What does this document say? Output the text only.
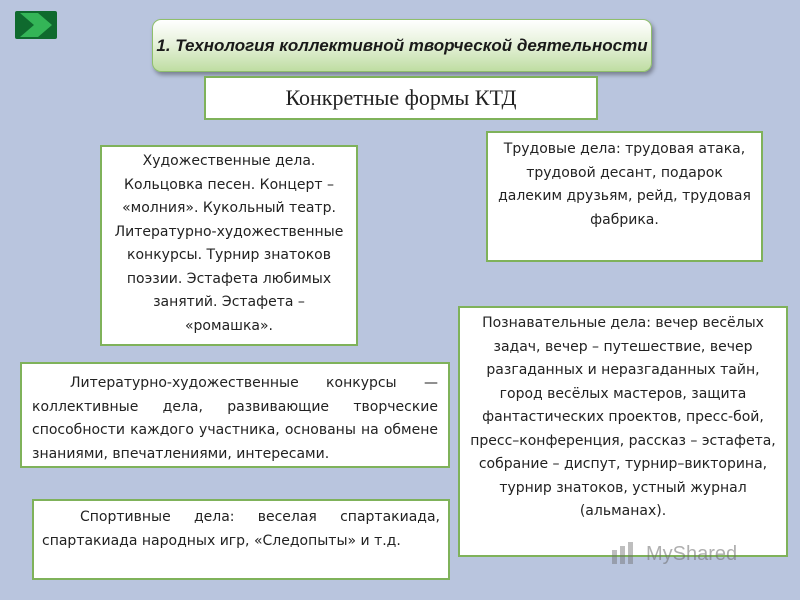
1. Технология коллективной творческой деятельности
Конкретные формы КТД
Художественные дела. Кольцовка песен. Концерт – «молния». Кукольный театр. Литературно-художественные конкурсы. Турнир знатоков поэзии. Эстафета любимых занятий. Эстафета – «ромашка».
Трудовые дела: трудовая атака, трудовой десант, подарок далеким друзьям, рейд, трудовая фабрика.
Литературно-художественные конкурсы — коллективные дела, развивающие творческие способности каждого участника, основаны на обмене знаниями, впечатлениями, интересами.
Познавательные дела: вечер весёлых задач, вечер – путешествие, вечер разгаданных и неразгаданных тайн, город весёлых мастеров, защита фантастических проектов, пресс-бой, пресс–конференция, рассказ – эстафета, собрание – диспут, турнир–викторина, турнир знатоков, устный журнал (альманах).
Спортивные дела: веселая спартакиада, спартакиада народных игр, «Следопыты» и т.д.
MyShared
